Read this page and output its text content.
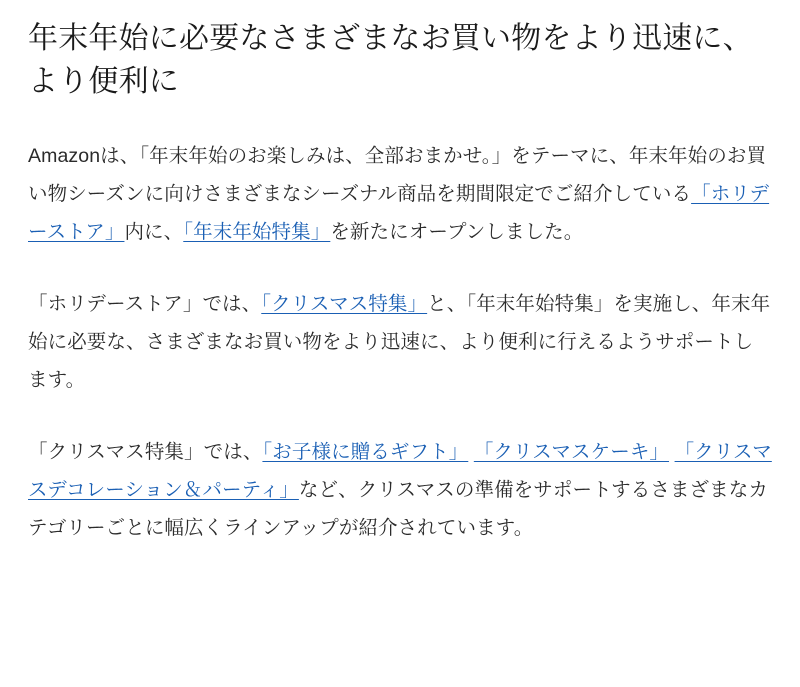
年末年始に必要なさまざまなお買い物をより迅速に、より便利に

Amazonは、「年末年始のお楽しみは、全部おまかせ。」をテーマに、年末年始のお買い物シーズンに向けさまざまなシーズナル商品を期間限定でご紹介している「ホリデーストア」内に、「年末年始特集」を新たにオープンしました。

「ホリデーストア」では、「クリスマス特集」と、「年末年始特集」を実施し、年末年始に必要な、さまざまなお買い物をより迅速に、より便利に行えるようサポートします。

「クリスマス特集」では、「お子様に贈るギフト」 「クリスマスケーキ」 「クリスマスデコレーション＆パーティ」など、クリスマスの準備をサポートするさまざまなカテゴリーごとに幅広くラインアップが紹介されています。
